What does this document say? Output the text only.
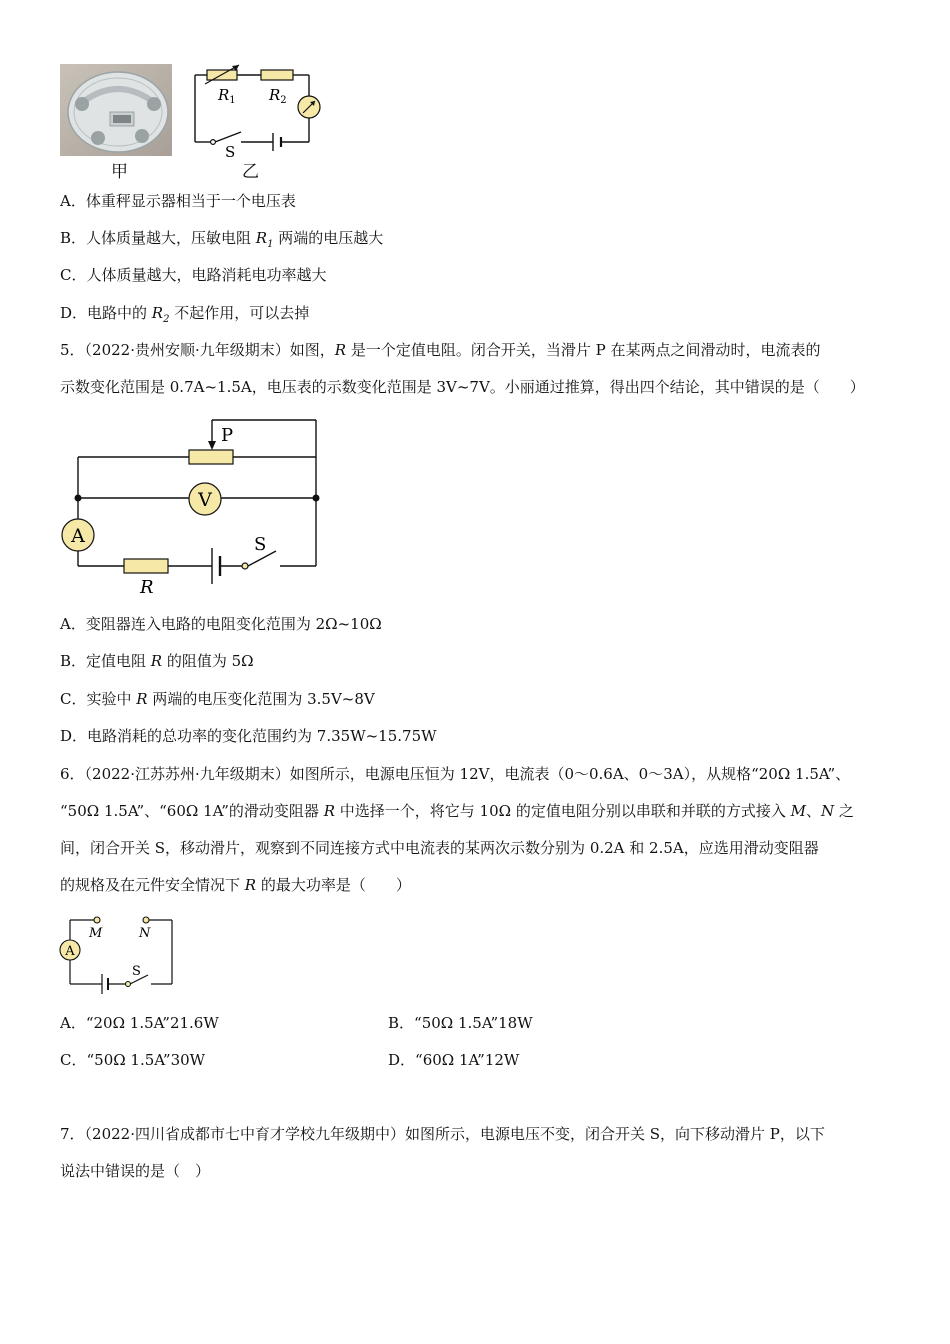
甲
$R_1$ $R_2$
S
乙
A．体重秤显示器相当于一个电压表
B．人体质量越大，压敏电阻 $R_1$ 两端的电压越大
C．人体质量越大，电路消耗电功率越大
D．电路中的 $R_2$ 不起作用，可以去掉
5．（2022·贵州安顺·九年级期末）如图，R 是一个定值电阻。闭合开关，当滑片 P 在某两点之间滑动时，电流表的
示数变化范围是 0.7A~1.5A，电压表的示数变化范围是 3V~7V。小丽通过推算，得出四个结论，其中错误的是（　　）
V
A
P
S
R
A．变阻器连入电路的电阻变化范围为 2Ω~10Ω
B．定值电阻 R 的阻值为 5Ω
C．实验中 R 两端的电压变化范围为 3.5V~8V
D．电路消耗的总功率的变化范围约为 7.35W~15.75W
6．（2022·江苏苏州·九年级期末）如图所示，电源电压恒为 12V，电流表（0～0.6A、0～3A），从规格“20Ω 1.5A”、
“50Ω 1.5A”、“60Ω 1A”的滑动变阻器 R 中选择一个，将它与 10Ω 的定值电阻分别以串联和并联的方式接入 M、N 之
间，闭合开关 S，移动滑片，观察到不同连接方式中电流表的某两次示数分别为 0.2A 和 2.5A，应选用滑动变阻器
的规格及在元件安全情况下 R 的最大功率是（　　）
A
M	N
S
A．“20Ω 1.5A”21.6W	B．“50Ω 1.5A”18W
C．“50Ω 1.5A”30W	D．“60Ω 1A”12W
7．（2022·四川省成都市七中育才学校九年级期中）如图所示，电源电压不变，闭合开关 S，向下移动滑片 P，以下
说法中错误的是（　）
